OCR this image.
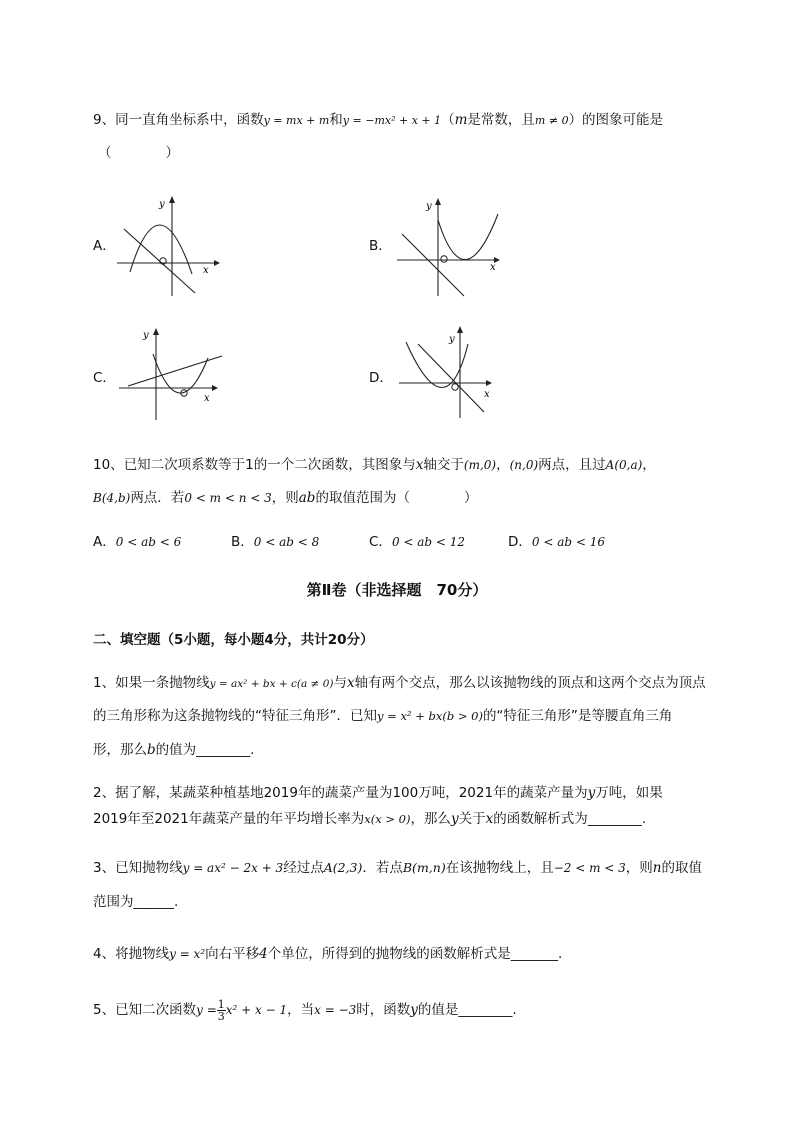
9、同一直角坐标系中，函数y = mx + m和y = −mx² + x + 1（m是常数，且m ≠ 0）的图象可能是
（　　　　）
A．
y
x
B．
y
x
C．
y
x
D．
y
x
10、已知二次项系数等于1的一个二次函数，其图象与x轴交于(m,0)，(n,0)两点，且过A(0,a)，
B(4,b)两点．若0 < m < n < 3，则ab的取值范围为（　　　　）
A．0 < ab < 6	B．0 < ab < 8	C．0 < ab < 12	D．0 < ab < 16
第Ⅱ卷（非选择题　70分）
二、填空题（5小题，每小题4分，共计20分）
1、如果一条抛物线y = ax² + bx + c(a ≠ 0)与x轴有两个交点，那么以该抛物线的顶点和这两个交点为顶点
的三角形称为这条抛物线的“特征三角形”．已知y = x² + bx(b > 0)的“特征三角形”是等腰直角三角
形，那么b的值为________.
2、据了解，某蔬菜种植基地2019年的蔬菜产量为100万吨，2021年的蔬菜产量为y万吨，如果
2019年至2021年蔬菜产量的年平均增长率为x(x > 0)，那么y关于x的函数解析式为________.
3、已知抛物线y = ax² − 2x + 3经过点A(2,3)．若点B(m,n)在该抛物线上，且−2 < m < 3，则n的取值
范围为______.
4、将抛物线y = x²向右平移4个单位，所得到的抛物线的函数解析式是_______.
5、已知二次函数$y = \frac{1}{3} x^2 + x - 1$，当x = −3时，函数y的值是________.
